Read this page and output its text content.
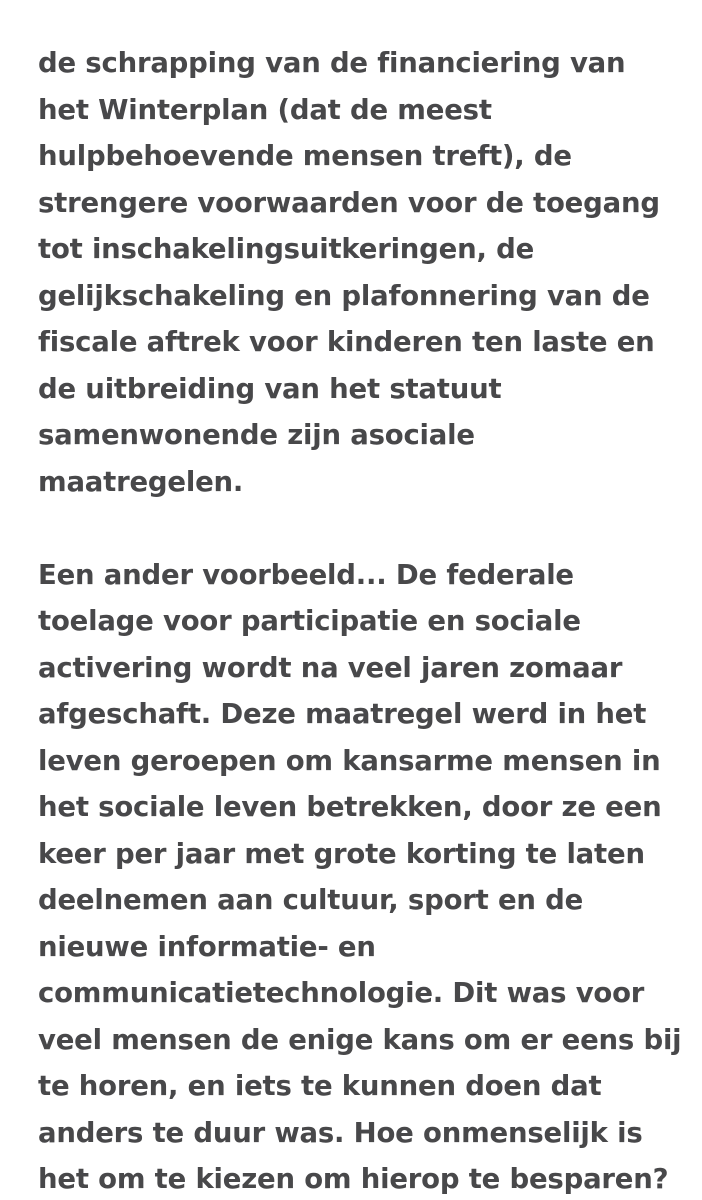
de schrapping van de financiering van
het Winterplan (dat de meest
hulpbehoevende mensen treft), de
strengere voorwaarden voor de toegang
tot inschakelingsuitkeringen, de
gelijkschakeling en plafonnering van de
fiscale aftrek voor kinderen ten laste en
de uitbreiding van het statuut
samenwonende zijn asociale
maatregelen.
Een ander voorbeeld... De federale
toelage voor participatie en sociale
activering wordt na veel jaren zomaar
afgeschaft. Deze maatregel werd in het
leven geroepen om kansarme mensen in
het sociale leven betrekken, door ze een
keer per jaar met grote korting te laten
deelnemen aan cultuur, sport en de
nieuwe informatie- en
communicatietechnologie. Dit was voor
veel mensen de enige kans om er eens bij
te horen, en iets te kunnen doen dat
anders te duur was. Hoe onmenselijk is
het om te kiezen om hierop te besparen?
